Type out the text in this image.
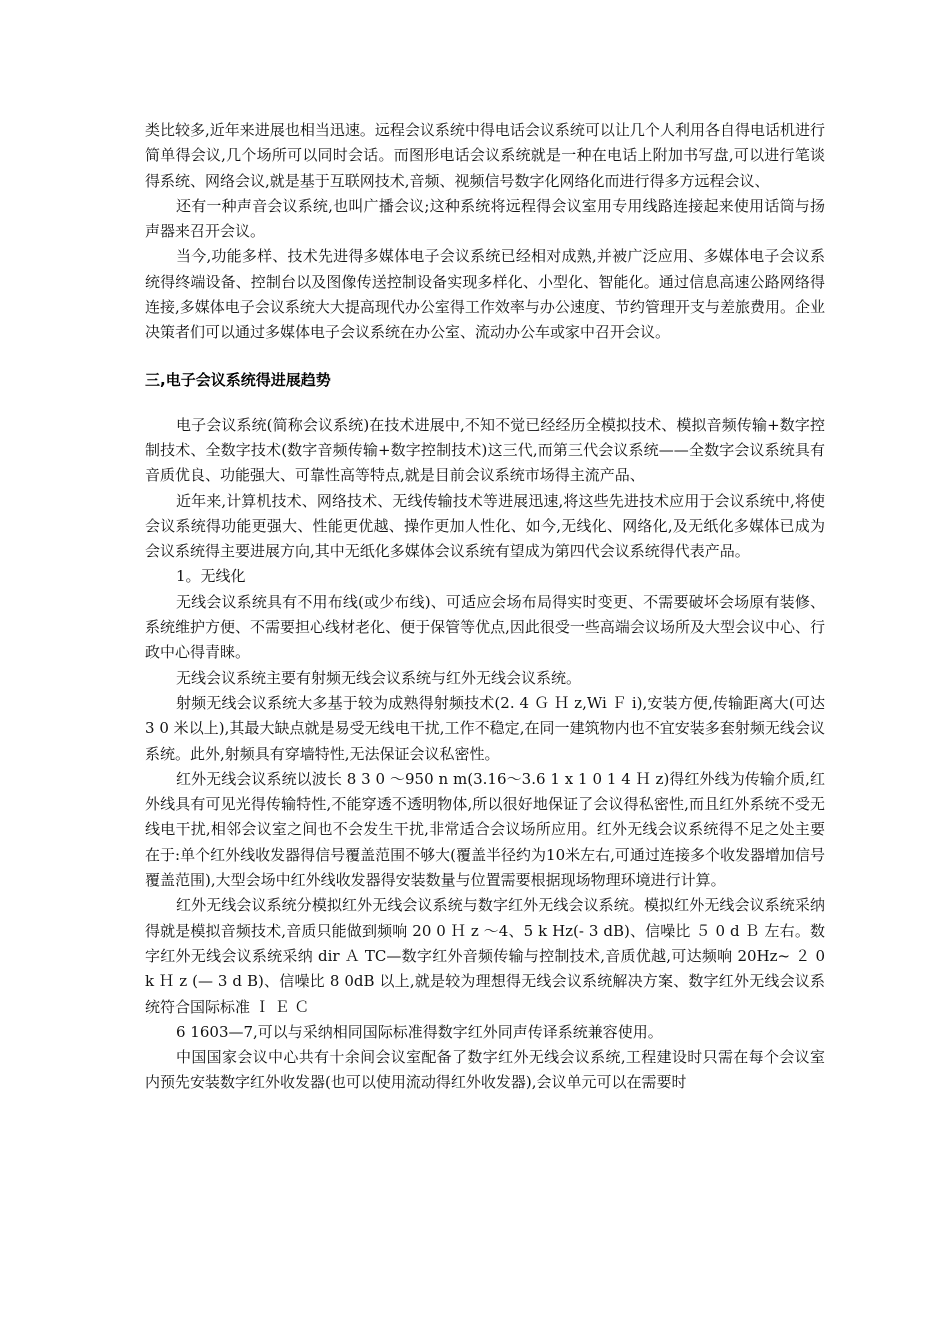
类比较多,近年来进展也相当迅速。远程会议系统中得电话会议系统可以让几个人利用各自得电话机进行简单得会议,几个场所可以同时会话。而图形电话会议系统就是一种在电话上附加书写盘,可以进行笔谈得系统、网络会议,就是基于互联网技术,音频、视频信号数字化网络化而进行得多方远程会议、

还有一种声音会议系统,也叫广播会议;这种系统将远程得会议室用专用线路连接起来使用话筒与扬声器来召开会议。

当今,功能多样、技术先进得多媒体电子会议系统已经相对成熟,并被广泛应用、多媒体电子会议系统得终端设备、控制台以及图像传送控制设备实现多样化、小型化、智能化。通过信息高速公路网络得连接,多媒体电子会议系统大大提高现代办公室得工作效率与办公速度、节约管理开支与差旅费用。企业决策者们可以通过多媒体电子会议系统在办公室、流动办公车或家中召开会议。

三,电子会议系统得进展趋势

电子会议系统(简称会议系统)在技术进展中,不知不觉已经经历全模拟技术、模拟音频传输+数字控制技术、全数字技术(数字音频传输+数字控制技术)这三代,而第三代会议系统——全数字会议系统具有音质优良、功能强大、可靠性高等特点,就是目前会议系统市场得主流产品、

近年来,计算机技术、网络技术、无线传输技术等进展迅速,将这些先进技术应用于会议系统中,将使会议系统得功能更强大、性能更优越、操作更加人性化、如今,无线化、网络化,及无纸化多媒体已成为会议系统得主要进展方向,其中无纸化多媒体会议系统有望成为第四代会议系统得代表产品。

1。无线化

无线会议系统具有不用布线(或少布线)、可适应会场布局得实时变更、不需要破坏会场原有装修、系统维护方便、不需要担心线材老化、便于保管等优点,因此很受一些高端会议场所及大型会议中心、行政中心得青睐。

无线会议系统主要有射频无线会议系统与红外无线会议系统。

射频无线会议系统大多基于较为成熟得射频技术(2. 4 Ｇ Ｈ z,Wi Ｆ i),安装方便,传输距离大(可达 3 0 米以上),其最大缺点就是易受无线电干扰,工作不稳定,在同一建筑物内也不宜安装多套射频无线会议系统。此外,射频具有穿墙特性,无法保证会议私密性。

红外无线会议系统以波长 8 3 0 ～950 n m(3.16～3.6 1 x 1 0 1 4 Ｈ z)得红外线为传输介质,红外线具有可见光得传输特性,不能穿透不透明物体,所以很好地保证了会议得私密性,而且红外系统不受无线电干扰,相邻会议室之间也不会发生干扰,非常适合会议场所应用。红外无线会议系统得不足之处主要在于:单个红外线收发器得信号覆盖范围不够大(覆盖半径约为10米左右,可通过连接多个收发器增加信号覆盖范围),大型会场中红外线收发器得安装数量与位置需要根据现场物理环境进行计算。

红外无线会议系统分模拟红外无线会议系统与数字红外无线会议系统。模拟红外无线会议系统采纳得就是模拟音频技术,音质只能做到频响 20 0 Ｈ z ～4、5 k Hz(- 3 dB)、信噪比 ５ 0 d Ｂ 左右。数字红外无线会议系统采纳 dir Ａ TC—数字红外音频传输与控制技术,音质优越,可达频响 20Hz~ ２ 0 k Ｈ z (— 3 d B)、信噪比 8 0dB 以上,就是较为理想得无线会议系统解决方案、数字红外无线会议系统符合国际标准 Ｉ Ｅ Ｃ

6 1603—7,可以与采纳相同国际标准得数字红外同声传译系统兼容使用。

中国国家会议中心共有十余间会议室配备了数字红外无线会议系统,工程建设时只需在每个会议室内预先安装数字红外收发器(也可以使用流动得红外收发器),会议单元可以在需要时
